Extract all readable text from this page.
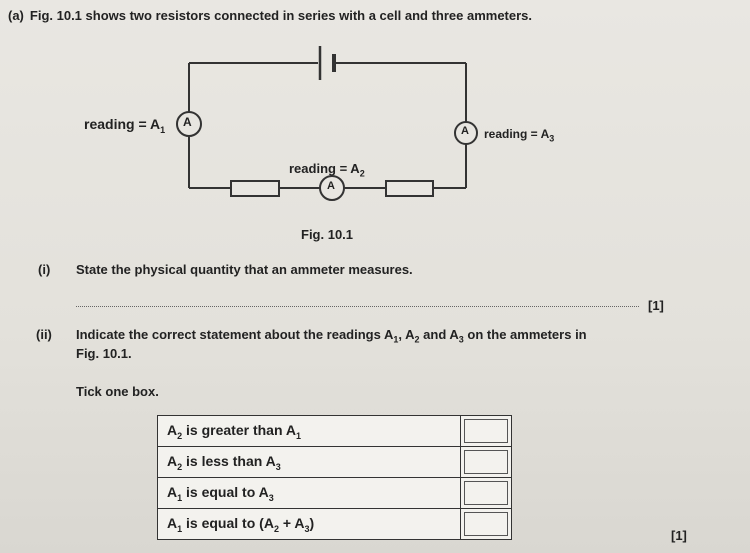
(a) Fig. 10.1 shows two resistors connected in series with a cell and three ammeters.
A
A
A
reading = $A_1$	reading = $A_3$
reading = $A_2$
Fig. 10.1
(i) State the physical quantity that an ammeter measures.
[1]
(ii) Indicate the correct statement about the readings $A_1$, $A_2$ and $A_3$ on the ammeters in
Fig. 10.1.
Tick one box.
$A_2$ is greater than $A_1$	

$A_2$ is less than $A_3$	

$A_1$ is equal to $A_3$	

$A_1$ is equal to $(A_2 + A_3)$	
[1]
